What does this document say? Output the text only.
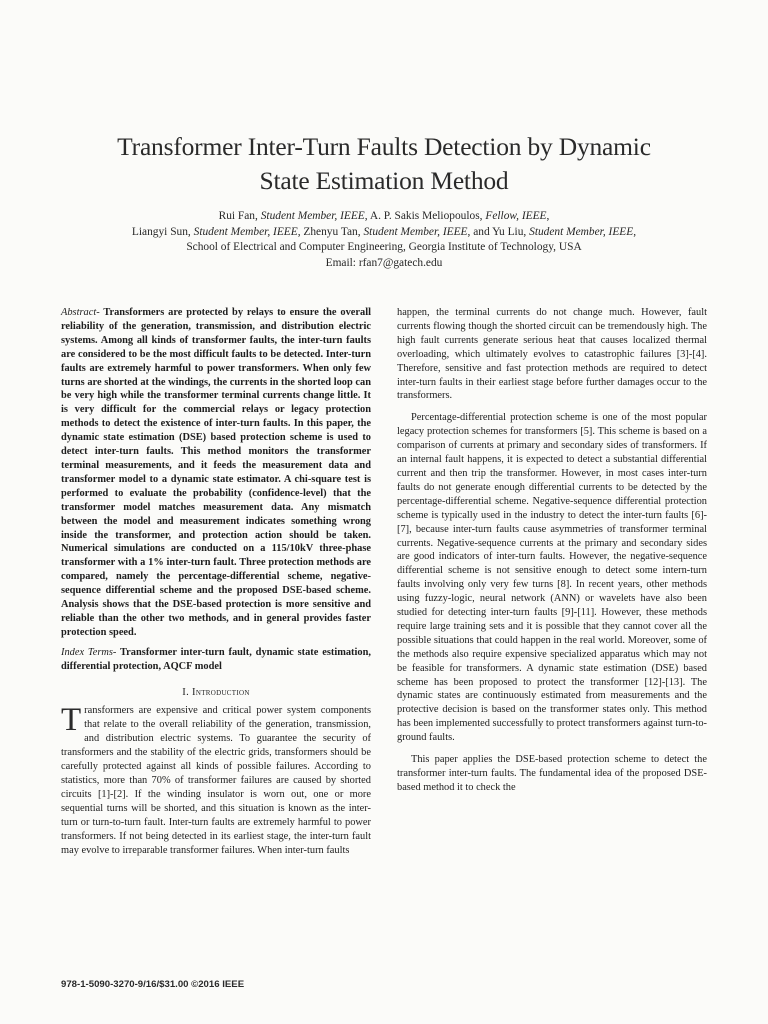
Transformer Inter-Turn Faults Detection by Dynamic
State Estimation Method
Rui Fan, Student Member, IEEE, A. P. Sakis Meliopoulos, Fellow, IEEE,
Liangyi Sun, Student Member, IEEE, Zhenyu Tan, Student Member, IEEE, and Yu Liu, Student Member, IEEE,
School of Electrical and Computer Engineering, Georgia Institute of Technology, USA
Email: rfan7@gatech.edu

Abstract- Transformers are protected by relays to ensure the overall reliability of the generation, transmission, and distribution electric systems. Among all kinds of transformer faults, the inter-turn faults are considered to be the most difficult faults to be detected. Inter-turn faults are extremely harmful to power transformers. When only few turns are shorted at the windings, the currents in the shorted loop can be very high while the transformer terminal currents change little. It is very difficult for the commercial relays or legacy protection methods to detect the existence of inter-turn faults. In this paper, the dynamic state estimation (DSE) based protection scheme is used to detect inter-turn faults. This method monitors the transformer terminal measurements, and it feeds the measurement data and transformer model to a dynamic state estimator. A chi-square test is performed to evaluate the probability (confidence-level) that the transformer model matches measurement data. Any mismatch between the model and measurement indicates something wrong inside the transformer, and protection action should be taken. Numerical simulations are conducted on a 115/10kV three-phase transformer with a 1% inter-turn fault. Three protection methods are compared, namely the percentage-differential scheme, negative-sequence differential scheme and the proposed DSE-based scheme. Analysis shows that the DSE-based protection is more sensitive and reliable than the other two methods, and in general provides faster protection speed.

Index Terms- Transformer inter-turn fault, dynamic state estimation, differential protection, AQCF model

I. Introduction

Transformers are expensive and critical power system components that relate to the overall reliability of the generation, transmission, and distribution electric systems. To guarantee the security of transformers and the stability of the electric grids, transformers should be carefully protected against all kinds of possible failures. According to statistics, more than 70% of transformer failures are caused by shorted circuits [1]-[2]. If the winding insulator is worn out, one or more sequential turns will be shorted, and this situation is known as the inter-turn or turn-to-turn fault. Inter-turn faults are extremely harmful to power transformers. If not being detected in its earliest stage, the inter-turn fault may evolve to irreparable transformer failures. When inter-turn faults

happen, the terminal currents do not change much. However, fault currents flowing though the shorted circuit can be tremendously high. The high fault currents generate serious heat that causes localized thermal overloading, which ultimately evolves to catastrophic failures [3]-[4]. Therefore, sensitive and fast protection methods are required to detect inter-turn faults in their earliest stage before further damages occur to the transformers.

Percentage-differential protection scheme is one of the most popular legacy protection schemes for transformers [5]. This scheme is based on a comparison of currents at primary and secondary sides of transformers. If an internal fault happens, it is expected to detect a substantial differential current and then trip the transformer. However, in most cases inter-turn faults do not generate enough differential currents to be detected by the percentage-differential scheme. Negative-sequence differential protection scheme is typically used in the industry to detect the inter-turn faults [6]-[7], because inter-turn faults cause asymmetries of transformer terminal currents. Negative-sequence currents at the primary and secondary sides are good indicators of inter-turn faults. However, the negative-sequence differential scheme is not sensitive enough to detect some intern-turn faults involving only very few turns [8]. In recent years, other methods using fuzzy-logic, neural network (ANN) or wavelets have also been studied for detecting inter-turn faults [9]-[11]. However, these methods require large training sets and it is possible that they cannot cover all the possible situations that could happen in the real world. Moreover, some of the methods also require expensive specialized apparatus which may not be feasible for transformers. A dynamic state estimation (DSE) based scheme has been proposed to protect the transformer [12]-[13]. The dynamic states are continuously estimated from measurements and the protective decision is based on the transformer states only. This method has been implemented successfully to protect transformers against turn-to-ground faults.

This paper applies the DSE-based protection scheme to detect the transformer inter-turn faults. The fundamental idea of the proposed DSE-based method it to check the

978-1-5090-3270-9/16/$31.00 ©2016 IEEE
